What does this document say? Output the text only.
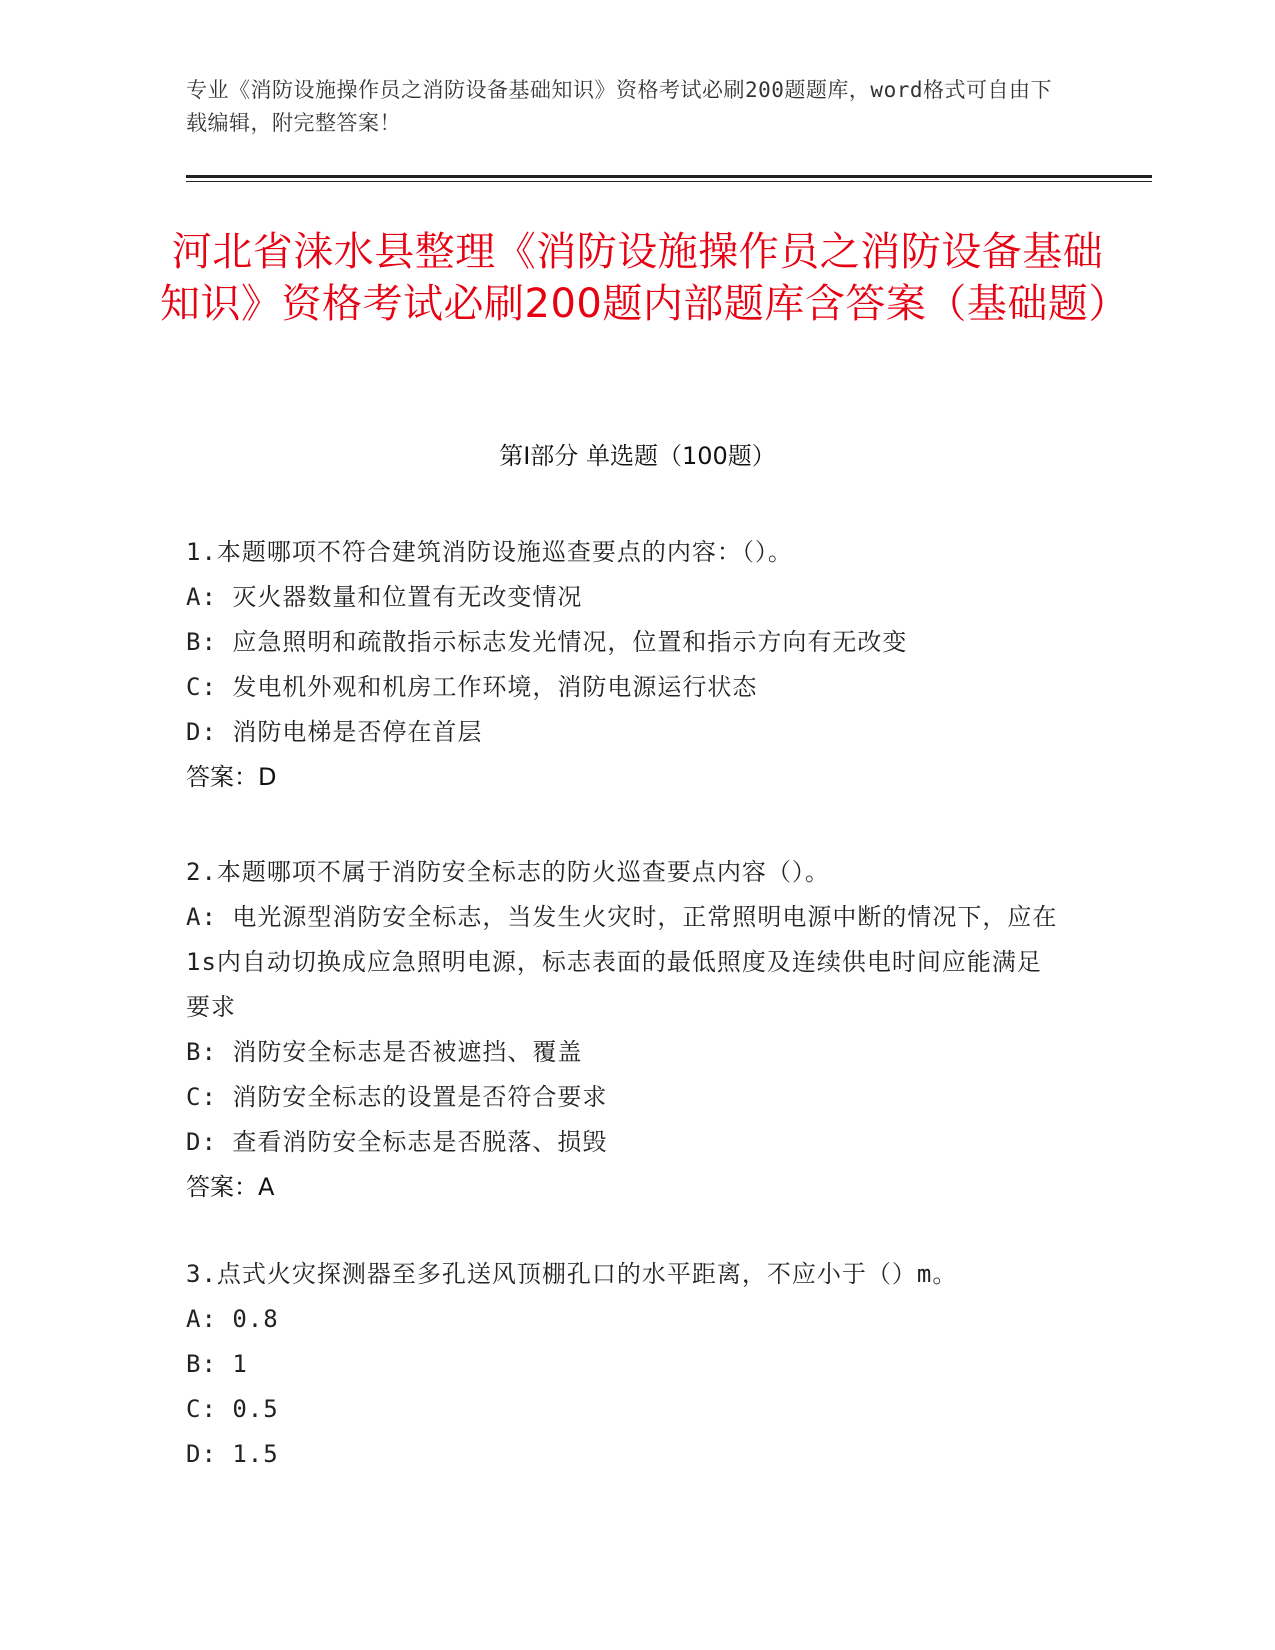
专业《消防设施操作员之消防设备基础知识》资格考试必刷200题题库，word格式可自由下载编辑，附完整答案！
河北省涞水县整理《消防设施操作员之消防设备基础知识》资格考试必刷200题内部题库含答案（基础题）
第I部分 单选题（100题）
1.本题哪项不符合建筑消防设施巡查要点的内容：（）。
A: 灭火器数量和位置有无改变情况
B: 应急照明和疏散指示标志发光情况，位置和指示方向有无改变
C: 发电机外观和机房工作环境，消防电源运行状态
D: 消防电梯是否停在首层
答案：D
2.本题哪项不属于消防安全标志的防火巡查要点内容（）。
A: 电光源型消防安全标志，当发生火灾时，正常照明电源中断的情况下，应在1s内自动切换成应急照明电源，标志表面的最低照度及连续供电时间应能满足要求
B: 消防安全标志是否被遮挡、覆盖
C: 消防安全标志的设置是否符合要求
D: 查看消防安全标志是否脱落、损毁
答案：A
3.点式火灾探测器至多孔送风顶棚孔口的水平距离，不应小于（）m。
A: 0.8
B: 1
C: 0.5
D: 1.5
